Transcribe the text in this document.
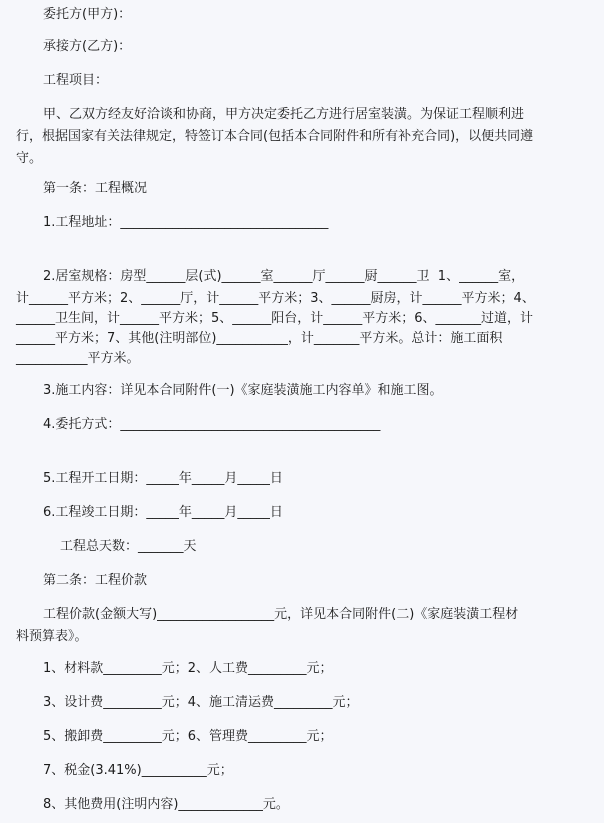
委托方(甲方)：
承接方(乙方)：
工程项目：
甲、乙双方经友好洽谈和协商，甲方决定委托乙方进行居室装潢。为保证工程顺利进
行，根据国家有关法律规定，特签订本合同(包括本合同附件和所有补充合同)，以便共同遵
守。
第一条：工程概况
1.工程地址：________________________________
2.居室规格：房型______层(式)______室______厅______厨______卫  1、______室，
计______平方米；2、______厅，计______平方米；3、______厨房，计______平方米；4、
______卫生间，计______平方米；5、______阳台，计______平方米；6、_______过道，计
______平方米；7、其他(注明部位)___________，计_______平方米。总计：施工面积
___________平方米。
3.施工内容：详见本合同附件(一)《家庭装潢施工内容单》和施工图。
4.委托方式：________________________________________
5.工程开工日期：_____年_____月_____日
6.工程竣工日期：_____年_____月_____日
工程总天数：_______天
第二条：工程价款
工程价款(金额大写)__________________元，详见本合同附件(二)《家庭装潢工程材
料预算表》。
1、材料款_________元；2、人工费_________元；
3、设计费_________元；4、施工清运费_________元；
5、搬卸费_________元；6、管理费_________元；
7、税金(3.41%)__________元；
8、其他费用(注明内容)_____________元。
